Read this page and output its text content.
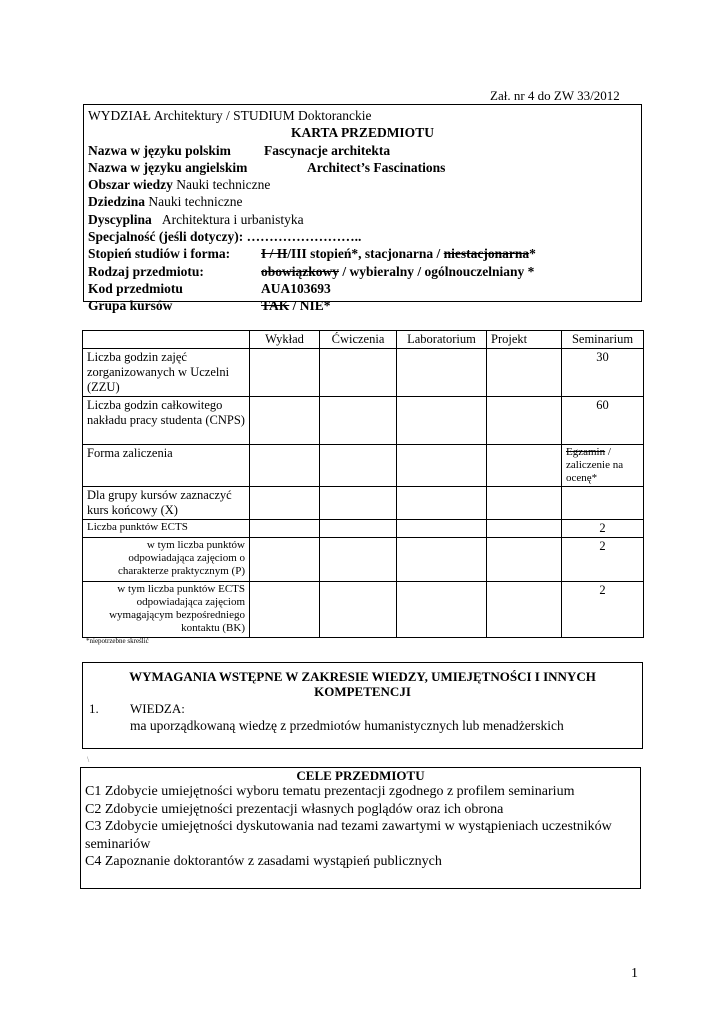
Zał. nr 4 do ZW 33/2012
WYDZIAŁ Architektury / STUDIUM Doktoranckie
KARTA PRZEDMIOTU
Nazwa w języku polskim Fascynacje architekta
Nazwa w języku angielskim	Architect’s Fascinations
Obszar wiedzy Nauki techniczne
Dziedzina Nauki techniczne
Dyscyplina Architektura i urbanistyka
Specjalność (jeśli dotyczy): ……………………..
Stopień studiów i forma: I / II/III stopień*, stacjonarna / niestacjonarna*
Rodzaj przedmiotu:	obowiązkowy / wybieralny / ogólnouczelniany *
Kod przedmiotu	AUA103693
Grupa kursów	TAK / NIE*
	Wykład	Ćwiczenia	Laboratorium	Projekt	Seminarium
Liczba godzin zajęć zorganizowanych w Uczelni (ZZU)					30
Liczba godzin całkowitego nakładu pracy studenta (CNPS)					60
Forma zaliczenia					Egzamin / zaliczenie na ocenę*
Dla grupy kursów zaznaczyć kurs końcowy (X)					
Liczba punktów ECTS					2
w tym liczba punktów odpowiadająca zajęciom o charakterze praktycznym (P)					2
w tym liczba punktów ECTS odpowiadająca zajęciom wymagającym bezpośredniego kontaktu (BK)					2
*niepotrzebne skreślić
WYMAGANIA WSTĘPNE W ZAKRESIE WIEDZY, UMIEJĘTNOŚCI I INNYCH KOMPETENCJI
1. WIEDZA:
ma uporządkowaną wiedzę z przedmiotów humanistycznych lub menadżerskich
\
CELE PRZEDMIOTU
C1 Zdobycie umiejętności wyboru tematu prezentacji zgodnego z profilem seminarium
C2 Zdobycie umiejętności prezentacji własnych poglądów oraz ich obrona
C3 Zdobycie umiejętności dyskutowania nad tezami zawartymi w wystąpieniach uczestników seminariów
C4 Zapoznanie doktorantów z zasadami wystąpień publicznych
1
